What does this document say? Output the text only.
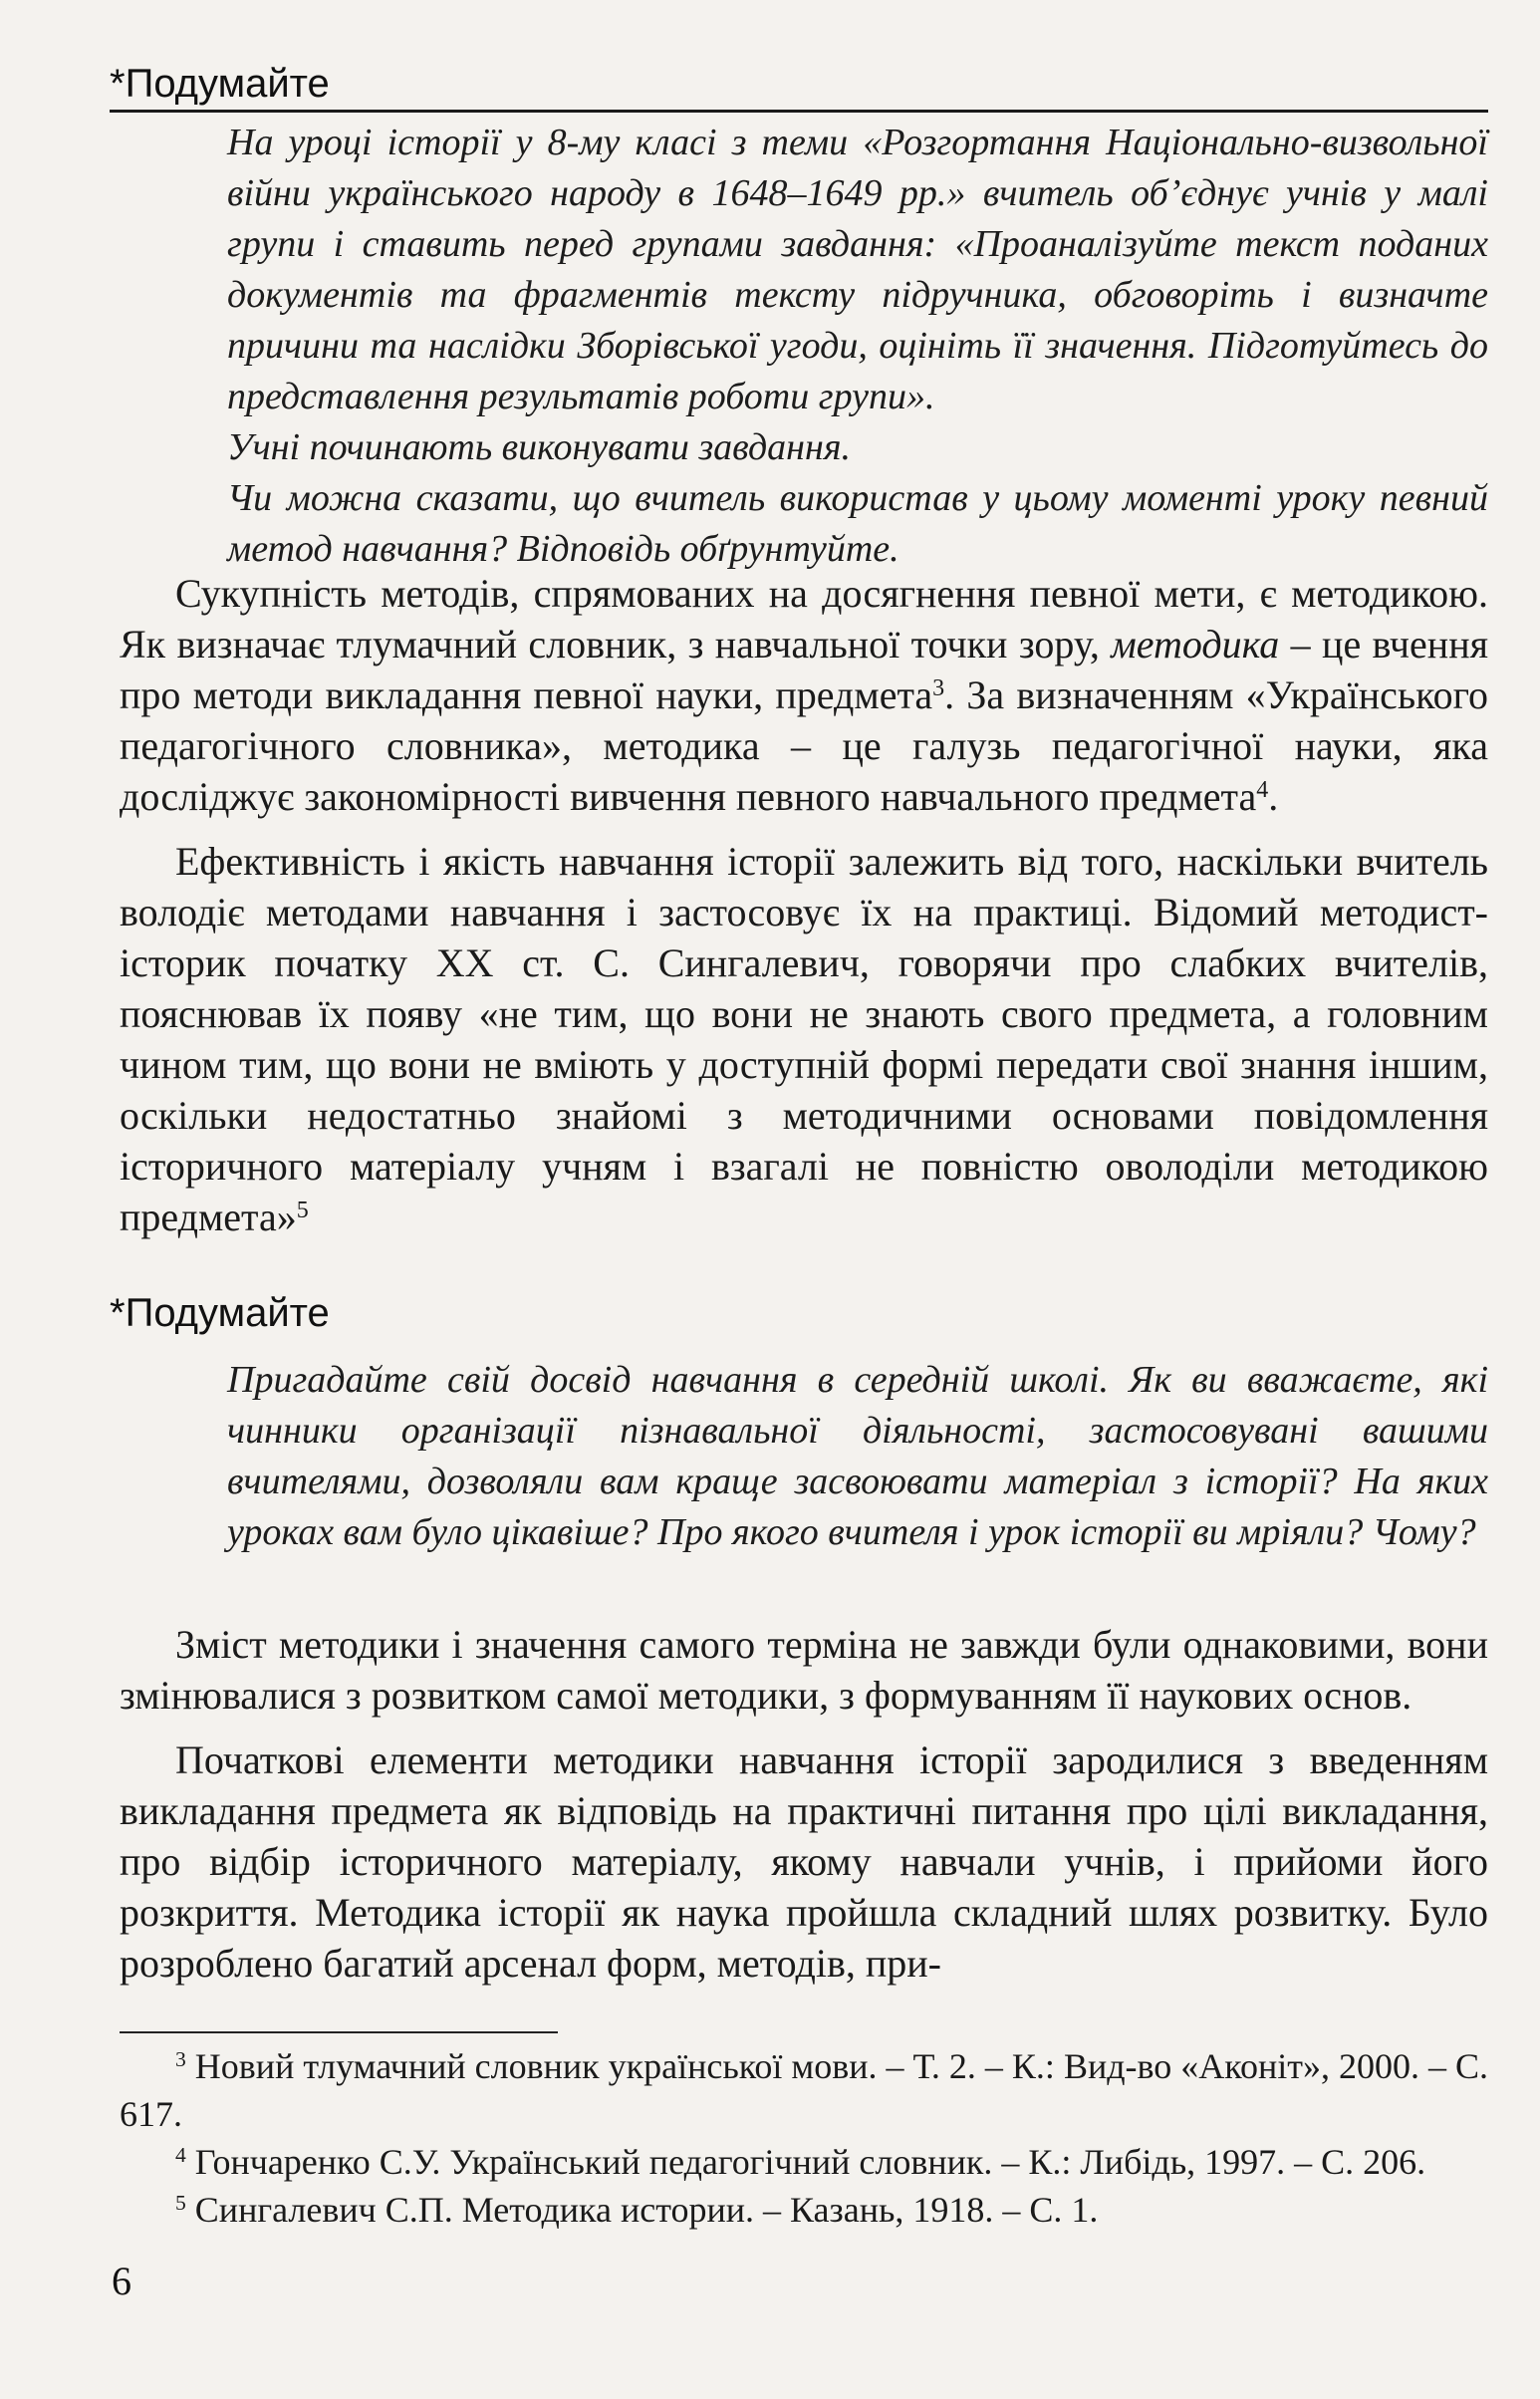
*Подумайте

На уроці історії у 8-му класі з теми «Розгортання Національно-визвольної війни українського народу в 1648–1649 рр.» вчитель об’єднує учнів у малі групи і ставить перед групами завдання: «Проаналізуйте текст поданих документів та фрагментів тексту підручника, обговоріть і визначте причини та наслідки Зборівської угоди, оцініть її значення. Підготуйтесь до представлення результатів роботи групи».

Учні починають виконувати завдання.

Чи можна сказати, що вчитель використав у цьому моменті уроку певний метод навчання? Відповідь обґрунтуйте.

Сукупність методів, спрямованих на досягнення певної мети, є методикою. Як визначає тлумачний словник, з навчальної точки зору, методика – це вчення про методи викладання певної науки, предмета$^3$. За визначенням «Українського педагогічного словника», методика – це галузь педагогічної науки, яка досліджує закономірності вивчення певного навчального предмета$^4$.

Ефективність і якість навчання історії залежить від того, наскільки вчитель володіє методами навчання і застосовує їх на практиці. Відомий методист-історик початку XX ст. С. Сингалевич, говорячи про слабких вчителів, пояснював їх появу «не тим, що вони не знають свого предмета, а головним чином тим, що вони не вміють у доступній формі передати свої знання іншим, оскільки недостатньо знайомі з методичними основами повідомлення історичного матеріалу учням і взагалі не повністю оволоділи методикою предмета»$^5$

*Подумайте

Пригадайте свій досвід навчання в середній школі. Як ви вважаєте, які чинники організації пізнавальної діяльності, застосовувані вашими вчителями, дозволяли вам краще засвоювати матеріал з історії? На яких уроках вам було цікавіше? Про якого вчителя і урок історії ви мріяли? Чому?

Зміст методики і значення самого терміна не завжди були однаковими, вони змінювалися з розвитком самої методики, з формуванням її наукових основ.

Початкові елементи методики навчання історії зародилися з введенням викладання предмета як відповідь на практичні питання про цілі викладання, про відбір історичного матеріалу, якому навчали учнів, і прийоми його розкриття. Методика історії як наука пройшла складний шлях розвитку. Було розроблено багатий арсенал форм, методів, при-

$^3$ Новий тлумачний словник української мови. – Т. 2. – К.: Вид-во «Аконіт», 2000. – С. 617.

$^4$ Гончаренко С.У. Український педагогічний словник. – К.: Либідь, 1997. – С. 206.

$^5$ Сингалевич С.П. Методика истории. – Казань, 1918. – С. 1.

6
